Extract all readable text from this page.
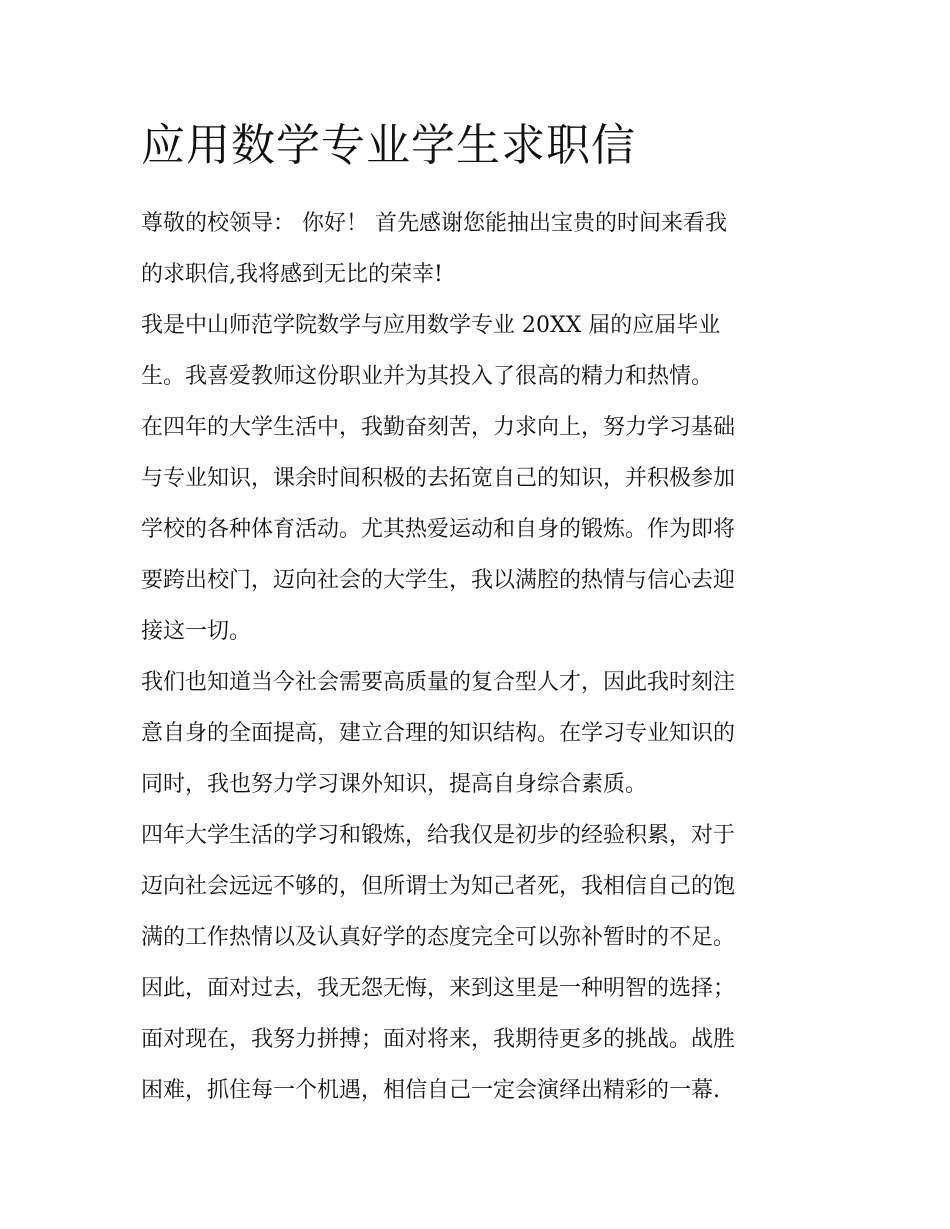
应用数学专业学生求职信
尊敬的校领导： 你好！ 首先感谢您能抽出宝贵的时间来看我
的求职信,我将感到无比的荣幸!
我是中山师范学院数学与应用数学专业 20XX 届的应届毕业
生。我喜爱教师这份职业并为其投入了很高的精力和热情。
在四年的大学生活中，我勤奋刻苦，力求向上，努力学习基础
与专业知识，课余时间积极的去拓宽自己的知识，并积极参加
学校的各种体育活动。尤其热爱运动和自身的锻炼。作为即将
要跨出校门，迈向社会的大学生，我以满腔的热情与信心去迎
接这一切。
我们也知道当今社会需要高质量的复合型人才，因此我时刻注
意自身的全面提高，建立合理的知识结构。在学习专业知识的
同时，我也努力学习课外知识，提高自身综合素质。
四年大学生活的学习和锻炼，给我仅是初步的经验积累，对于
迈向社会远远不够的，但所谓士为知己者死，我相信自己的饱
满的工作热情以及认真好学的态度完全可以弥补暂时的不足。
因此，面对过去，我无怨无悔，来到这里是一种明智的选择；
面对现在，我努力拼搏；面对将来，我期待更多的挑战。战胜
困难，抓住每一个机遇，相信自己一定会演绎出精彩的一幕.
